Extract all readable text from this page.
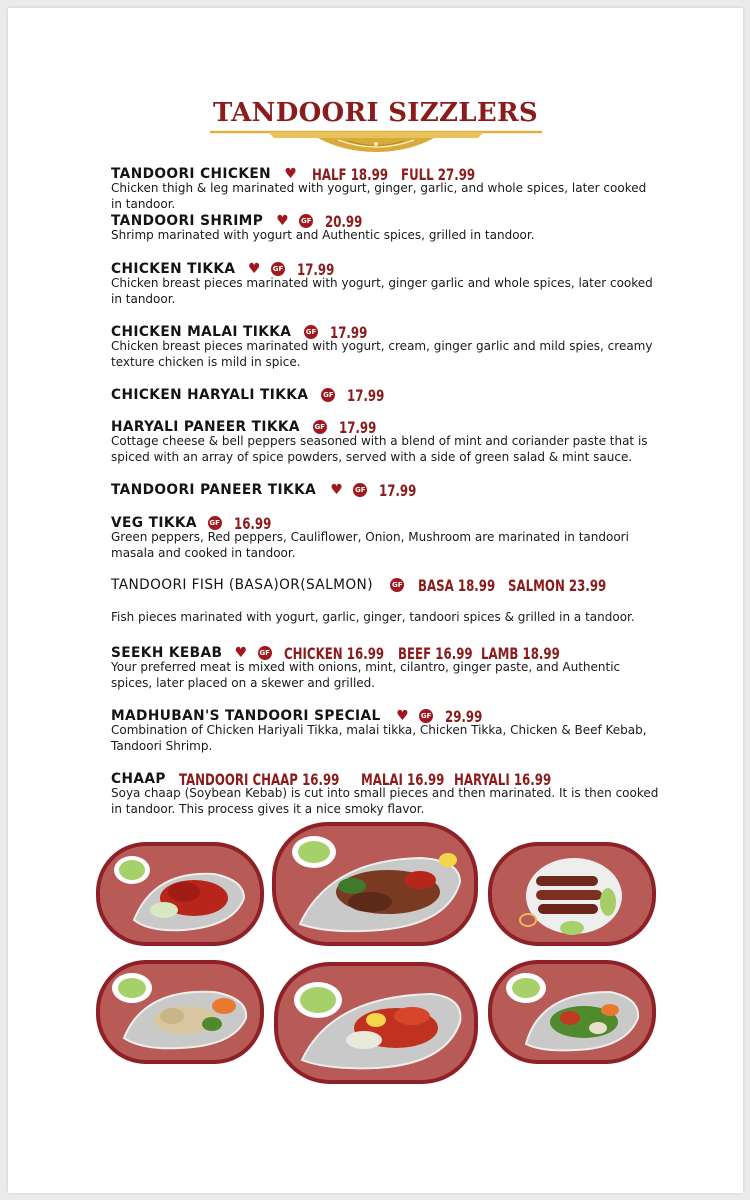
TANDOORI SIZZLERS
TANDOORI CHICKEN ♥ HALF 18.99 FULL 27.99
Chicken thigh & leg marinated with yogurt, ginger, garlic, and whole spices, later cooked in tandoor.
TANDOORI SHRIMP ♥ GF 20.99
Shrimp marinated with yogurt and Authentic spices, grilled in tandoor.
CHICKEN TIKKA ♥ GF 17.99
Chicken breast pieces marinated with yogurt, ginger garlic and whole spices, later cooked in tandoor.
CHICKEN MALAI TIKKA GF 17.99
Chicken breast pieces marinated with yogurt, cream, ginger garlic and mild spies, creamy texture chicken is mild in spice.
CHICKEN HARYALI TIKKA GF 17.99
HARYALI PANEER TIKKA GF 17.99
Cottage cheese & bell peppers seasoned with a blend of mint and coriander paste that is spiced with an array of spice powders, served with a side of green salad & mint sauce.
TANDOORI PANEER TIKKA ♥ GF 17.99
VEG TIKKA GF 16.99
Green peppers, Red peppers, Cauliflower, Onion, Mushroom are marinated in tandoori masala and cooked in tandoor.
TANDOORI FISH (BASA)OR(SALMON)	GF BASA 18.99 SALMON 23.99
Fish pieces marinated with yogurt, garlic, ginger, tandoori spices & grilled in a tandoor.
SEEKH KEBAB ♥ GF CHICKEN 16.99 BEEF 16.99 LAMB 18.99
Your preferred meat is mixed with onions, mint, cilantro, ginger paste, and Authentic spices, later placed on a skewer and grilled.
MADHUBAN'S TANDOORI SPECIAL ♥ GF 29.99
Combination of Chicken Hariyali Tikka, malai tikka, Chicken Tikka, Chicken & Beef Kebab, Tandoori Shrimp.
CHAAP TANDOORI CHAAP 16.99 MALAI 16.99 HARYALI 16.99
Soya chaap (Soybean Kebab) is cut into small pieces and then marinated. It is then cooked in tandoor. This process gives it a nice smoky flavor.
